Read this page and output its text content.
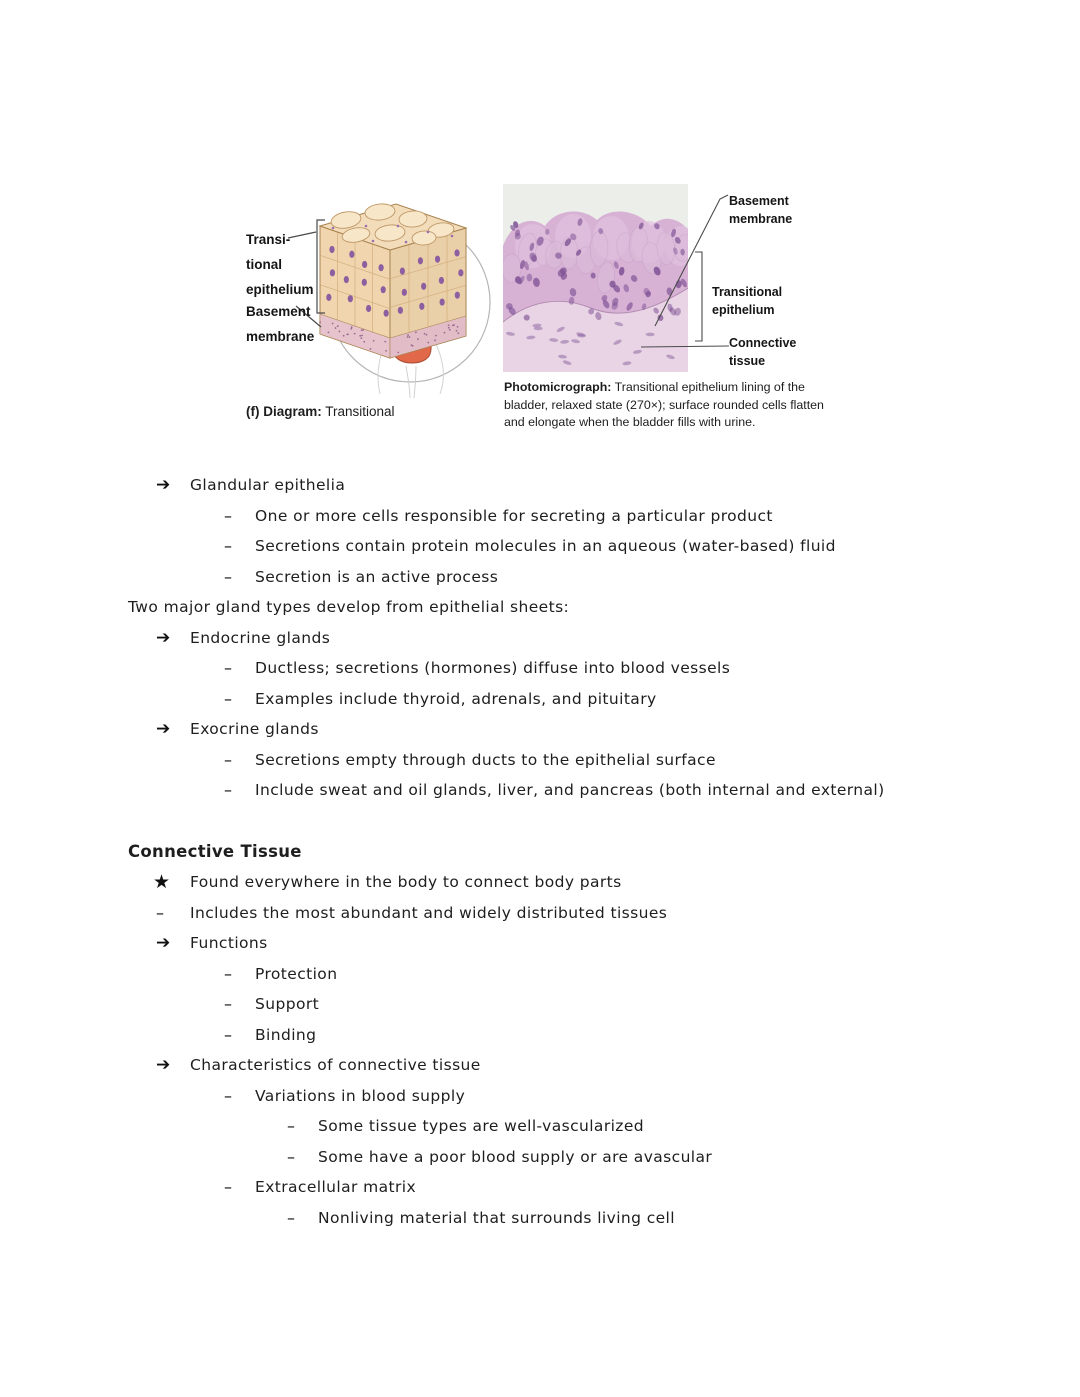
Transi-
tional
epithelium
Basement
membrane
(f) Diagram: Transitional
Basement
membrane
Transitional
epithelium
Connective
tissue
Photomicrograph: Transitional epithelium lining of the bladder, relaxed state (270×); surface rounded cells flatten and elongate when the bladder fills with urine.
➔ Glandular epithelia
– One or more cells responsible for secreting a particular product
– Secretions contain protein molecules in an aqueous (water-based) fluid
– Secretion is an active process
Two major gland types develop from epithelial sheets:
➔ Endocrine glands
– Ductless; secretions (hormones) diffuse into blood vessels
– Examples include thyroid, adrenals, and pituitary
➔ Exocrine glands
– Secretions empty through ducts to the epithelial surface
– Include sweat and oil glands, liver, and pancreas (both internal and external)
Connective Tissue
★ Found everywhere in the body to connect body parts
– Includes the most abundant and widely distributed tissues
➔ Functions
– Protection
– Support
– Binding
➔ Characteristics of connective tissue
– Variations in blood supply
– Some tissue types are well-vascularized
– Some have a poor blood supply or are avascular
– Extracellular matrix
– Nonliving material that surrounds living cell
